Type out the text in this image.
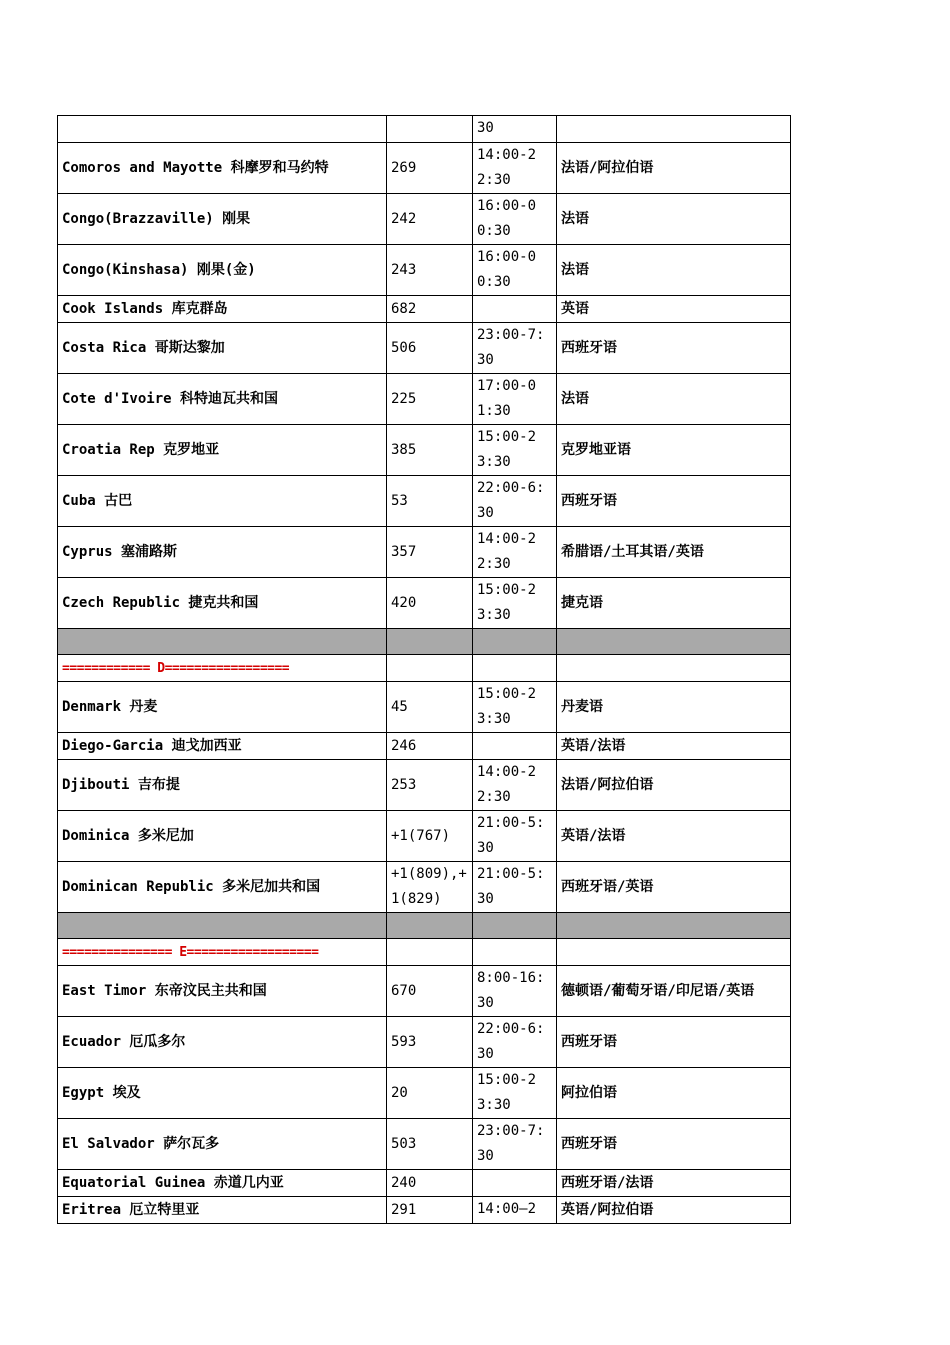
		30	
Comoros and Mayotte 科摩罗和马约特	269	14:00-22:30	法语/阿拉伯语
Congo(Brazzaville) 刚果	242	16:00-00:30	法语
Congo(Kinshasa) 刚果(金)	243	16:00-00:30	法语
Cook Islands 库克群岛	682		英语
Costa Rica 哥斯达黎加	506	23:00-7:30	西班牙语
Cote d'Ivoire 科特迪瓦共和国	225	17:00-01:30	法语
Croatia Rep 克罗地亚	385	15:00-23:30	克罗地亚语
Cuba 古巴	53	22:00-6:30	西班牙语
Cyprus 塞浦路斯	357	14:00-22:30	希腊语/土耳其语/英语
Czech Republic 捷克共和国	420	15:00-23:30	捷克语

============ D=================			
Denmark 丹麦	45	15:00-23:30	丹麦语
Diego-Garcia 迪戈加西亚	246		英语/法语
Djibouti 吉布提	253	14:00-22:30	法语/阿拉伯语
Dominica 多米尼加	+1(767)	21:00-5:30	英语/法语
Dominican Republic 多米尼加共和国	+1(809),+1(829)	21:00-5:30	西班牙语/英语

=============== E==================			
East Timor 东帝汶民主共和国	670	8:00-16:30	德顿语/葡萄牙语/印尼语/英语
Ecuador 厄瓜多尔	593	22:00-6:30	西班牙语
Egypt 埃及	20	15:00-23:30	阿拉伯语
El Salvador 萨尔瓦多	503	23:00-7:30	西班牙语
Equatorial Guinea 赤道几内亚	240		西班牙语/法语
Eritrea 厄立特里亚	291	14:00—2	英语/阿拉伯语
